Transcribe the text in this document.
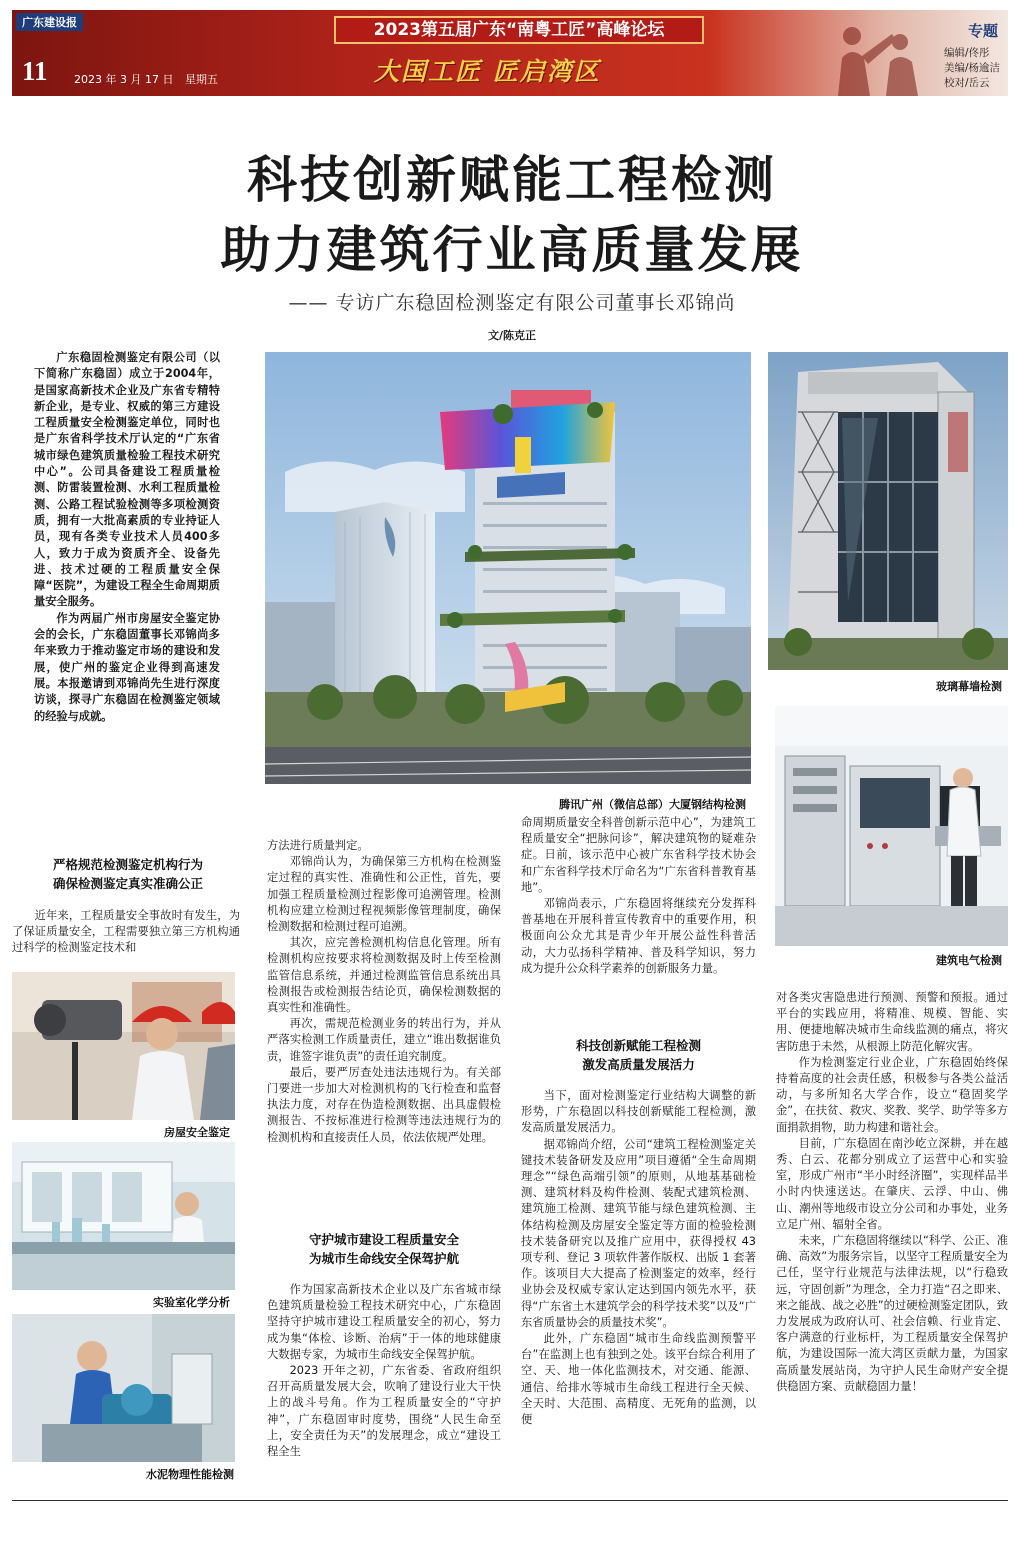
广东建设报
11 2023 年 3 月 17 日 星期五
2023第五届广东“南粤工匠”高峰论坛
大国工匠 匠启湾区
专题
编辑/佟彤
美编/杨逾洁
校对/岳云
科技创新赋能工程检测
助力建筑行业高质量发展
—— 专访广东稳固检测鉴定有限公司董事长邓锦尚
文/陈克正

广东稳固检测鉴定有限公司（以下简称广东稳固）成立于2004年，是国家高新技术企业及广东省专精特新企业，是专业、权威的第三方建设工程质量安全检测鉴定单位，同时也是广东省科学技术厅认定的“广东省城市绿色建筑质量检验工程技术研究中心”。公司具备建设工程质量检测、防雷装置检测、水利工程质量检测、公路工程试验检测等多项检测资质，拥有一大批高素质的专业持证人员，现有各类专业技术人员400多人，致力于成为资质齐全、设备先进、技术过硬的工程质量安全保障“医院”，为建设工程全生命周期质量安全服务。

作为两届广州市房屋安全鉴定协会的会长，广东稳固董事长邓锦尚多年来致力于推动鉴定市场的建设和发展，使广州的鉴定企业得到高速发展。本报邀请到邓锦尚先生进行深度访谈，探寻广东稳固在检测鉴定领域的经验与成就。

腾讯广州（微信总部）大厦钢结构检测
玻璃幕墙检测
建筑电气检测
严格规范检测鉴定机构行为
确保检测鉴定真实准确公正

近年来，工程质量安全事故时有发生，为了保证质量安全，工程需要独立第三方机构通过科学的检测鉴定技术和

房屋安全鉴定
实验室化学分析
水泥物理性能检测

方法进行质量判定。

邓锦尚认为，为确保第三方机构在检测鉴定过程的真实性、准确性和公正性，首先，要加强工程质量检测过程影像可追溯管理。检测机构应建立检测过程视频影像管理制度，确保检测数据和检测过程可追溯。

其次，应完善检测机构信息化管理。所有检测机构应按要求将检测数据及时上传至检测监管信息系统，并通过检测监管信息系统出具检测报告或检测报告结论页，确保检测数据的真实性和准确性。

再次，需规范检测业务的转出行为，并从严落实检测工作质量责任，建立“谁出数据谁负责，谁签字谁负责”的责任追究制度。

最后，要严厉查处违法违规行为。有关部门要进一步加大对检测机构的飞行检查和监督执法力度，对存在伪造检测数据、出具虚假检测报告、不按标准进行检测等违法违规行为的检测机构和直接责任人员，依法依规严处理。

守护城市建设工程质量安全
为城市生命线安全保驾护航

作为国家高新技术企业以及广东省城市绿色建筑质量检验工程技术研究中心，广东稳固坚持守护城市建设工程质量安全的初心，努力成为集“体检、诊断、治病”于一体的地球健康大数据专家，为城市生命线安全保驾护航。

2023 开年之初，广东省委、省政府组织召开高质量发展大会，吹响了建设行业大干快上的战斗号角。作为工程质量安全的“守护神”，广东稳固审时度势，围绕“人民生命至上，安全责任为天”的发展理念，成立“建设工程全生

命周期质量安全科普创新示范中心”，为建筑工程质量安全“把脉问诊”，解决建筑物的疑难杂症。日前，该示范中心被广东省科学技术协会和广东省科学技术厅命名为“广东省科普教育基地”。

邓锦尚表示，广东稳固将继续充分发挥科普基地在开展科普宣传教育中的重要作用，积极面向公众尤其是青少年开展公益性科普活动，大力弘扬科学精神、普及科学知识，努力成为提升公众科学素养的创新服务力量。

科技创新赋能工程检测
激发高质量发展活力

当下，面对检测鉴定行业结构大调整的新形势，广东稳固以科技创新赋能工程检测，激发高质量发展活力。

据邓锦尚介绍，公司“建筑工程检测鉴定关键技术装备研发及应用”项目遵循“全生命周期理念”“绿色高端引领”的原则，从地基基础检测、建筑材料及构件检测、装配式建筑检测、建筑施工检测、建筑节能与绿色建筑检测、主体结构检测及房屋安全鉴定等方面的检验检测技术装备研究以及推广应用中，获得授权 43 项专利、登记 3 项软件著作版权、出版 1 套著作。该项目大大提高了检测鉴定的效率，经行业协会及权威专家认定达到国内领先水平，获得“广东省土木建筑学会的科学技术奖”以及“广东省质量协会的质量技术奖”。

此外，广东稳固“城市生命线监测预警平台”在监测上也有独到之处。该平台综合利用了空、天、地一体化监测技术，对交通、能源、通信、给排水等城市生命线工程进行全天候、全天时、大范围、高精度、无死角的监测，以便

对各类灾害隐患进行预测、预警和预报。通过平台的实践应用，将精准、规模、智能、实用、便捷地解决城市生命线监测的痛点，将灾害防患于未然，从根源上防范化解灾害。

作为检测鉴定行业企业，广东稳固始终保持着高度的社会责任感，积极参与各类公益活动，与多所知名大学合作，设立“稳固奖学金”，在扶贫、救灾、奖教、奖学、助学等多方面捐款捐物，助力构建和谐社会。

目前，广东稳固在南沙屹立深耕，并在越秀、白云、花都分别成立了运营中心和实验室，形成广州市“半小时经济圈”，实现样品半小时内快速送达。在肇庆、云浮、中山、佛山、潮州等地级市设立分公司和办事处，业务立足广州、辐射全省。

未来，广东稳固将继续以“科学、公正、准确、高效”为服务宗旨，以坚守工程质量安全为己任，坚守行业规范与法律法规，以“行稳致远，守固创新”为理念，全力打造“召之即来、来之能战、战之必胜”的过硬检测鉴定团队，致力发展成为政府认可、社会信赖、行业肯定、客户满意的行业标杆，为工程质量安全保驾护航，为建设国际一流大湾区贡献力量，为国家高质量发展站岗，为守护人民生命财产安全提供稳固方案、贡献稳固力量！
